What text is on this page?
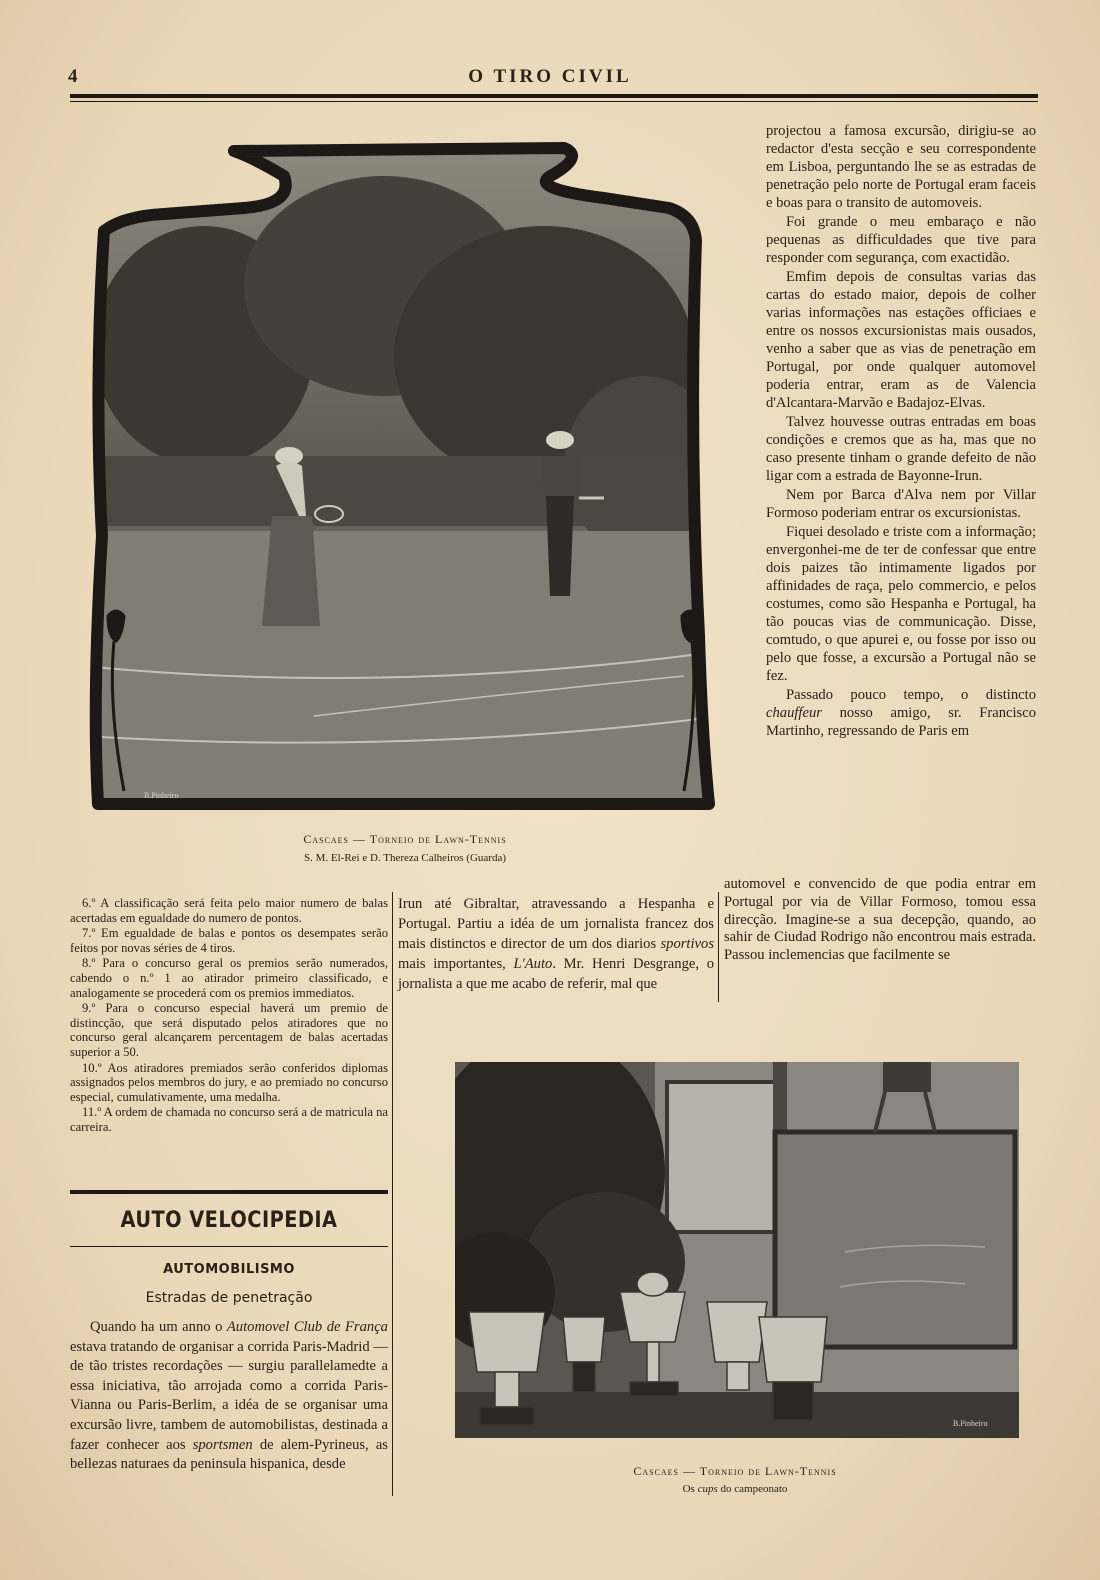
4	O TIRO CIVIL
B.Pinheiro
Cascaes — Torneio de Lawn-Tennis
S. M. El-Rei e D. Thereza Calheiros (Guarda)

projectou a famosa excursão, dirigiu-se ao redactor d'esta secção e seu correspondente em Lisboa, perguntando lhe se as estradas de penetração pelo norte de Portugal eram faceis e boas para o transito de automoveis.

Foi grande o meu embaraço e não pequenas as difficuldades que tive para responder com segurança, com exactidão.

Emfim depois de consultas varias das cartas do estado maior, depois de colher varias informações nas estações officiaes e entre os nossos excursionistas mais ousados, venho a saber que as vias de penetração em Portugal, por onde qualquer automovel poderia entrar, eram as de Valencia d'Alcantara-Marvão e Badajoz-Elvas.

Talvez houvesse outras entradas em boas condições e cremos que as ha, mas que no caso presente tinham o grande defeito de não ligar com a estrada de Bayonne-Irun.

Nem por Barca d'Alva nem por Villar Formoso poderiam entrar os excursionistas.

Fiquei desolado e triste com a informação; envergonhei-me de ter de confessar que entre dois paizes tão intimamente ligados por affinidades de raça, pelo commercio, e pelos costumes, como são Hespanha e Portugal, ha tão poucas vias de communicação. Disse, comtudo, o que apurei e, ou fosse por isso ou pelo que fosse, a excursão a Portugal não se fez.

Passado pouco tempo, o distincto chauffeur nosso amigo, sr. Francisco Martinho, regressando de Paris em

automovel e convencido de que podia entrar em Portugal por via de Villar Formoso, tomou essa direcção. Imagine-se a sua decepção, quando, ao sahir de Ciudad Rodrigo não encontrou mais estrada. Passou inclemencias que facilmente se

Irun até Gibraltar, atravessando a Hespanha e Portugal. Partiu a idéa de um jornalista francez dos mais distinctos e director de um dos diarios sportivos mais importantes, L'Auto. Mr. Henri Desgrange, o jornalista a que me acabo de referir, mal que

6.º A classificação será feita pelo maior numero de balas acertadas em egualdade do numero de pontos.

7.º Em egualdade de balas e pontos os desempates serão feitos por novas séries de 4 tiros.

8.º Para o concurso geral os premios serão numerados, cabendo o n.º 1 ao atirador primeiro classificado, e analogamente se procederá com os premios immediatos.

9.º Para o concurso especial haverá um premio de distincção, que será disputado pelos atiradores que no concurso geral alcançarem percentagem de balas acertadas superior a 50.

10.º Aos atiradores premiados serão conferidos diplomas assignados pelos membros do jury, e ao premiado no concurso especial, cumulativamente, uma medalha.

11.º A ordem de chamada no concurso será a de matricula na carreira.

AUTO VELOCIPEDIA
AUTOMOBILISMO
Estradas de penetração

Quando ha um anno o Automovel Club de França estava tratando de organisar a corrida Paris-Madrid — de tão tristes recordações — surgiu parallelamedte a essa iniciativa, tão arrojada como a corrida Paris-Vianna ou Paris-Berlim, a idéa de se organisar uma excursão livre, tambem de automobilistas, destinada a fazer conhecer aos sportsmen de alem-Pyrineus, as bellezas naturaes da peninsula hispanica, desde

B.Pinheiro
Cascaes — Torneio de Lawn-Tennis
Os cups do campeonato
